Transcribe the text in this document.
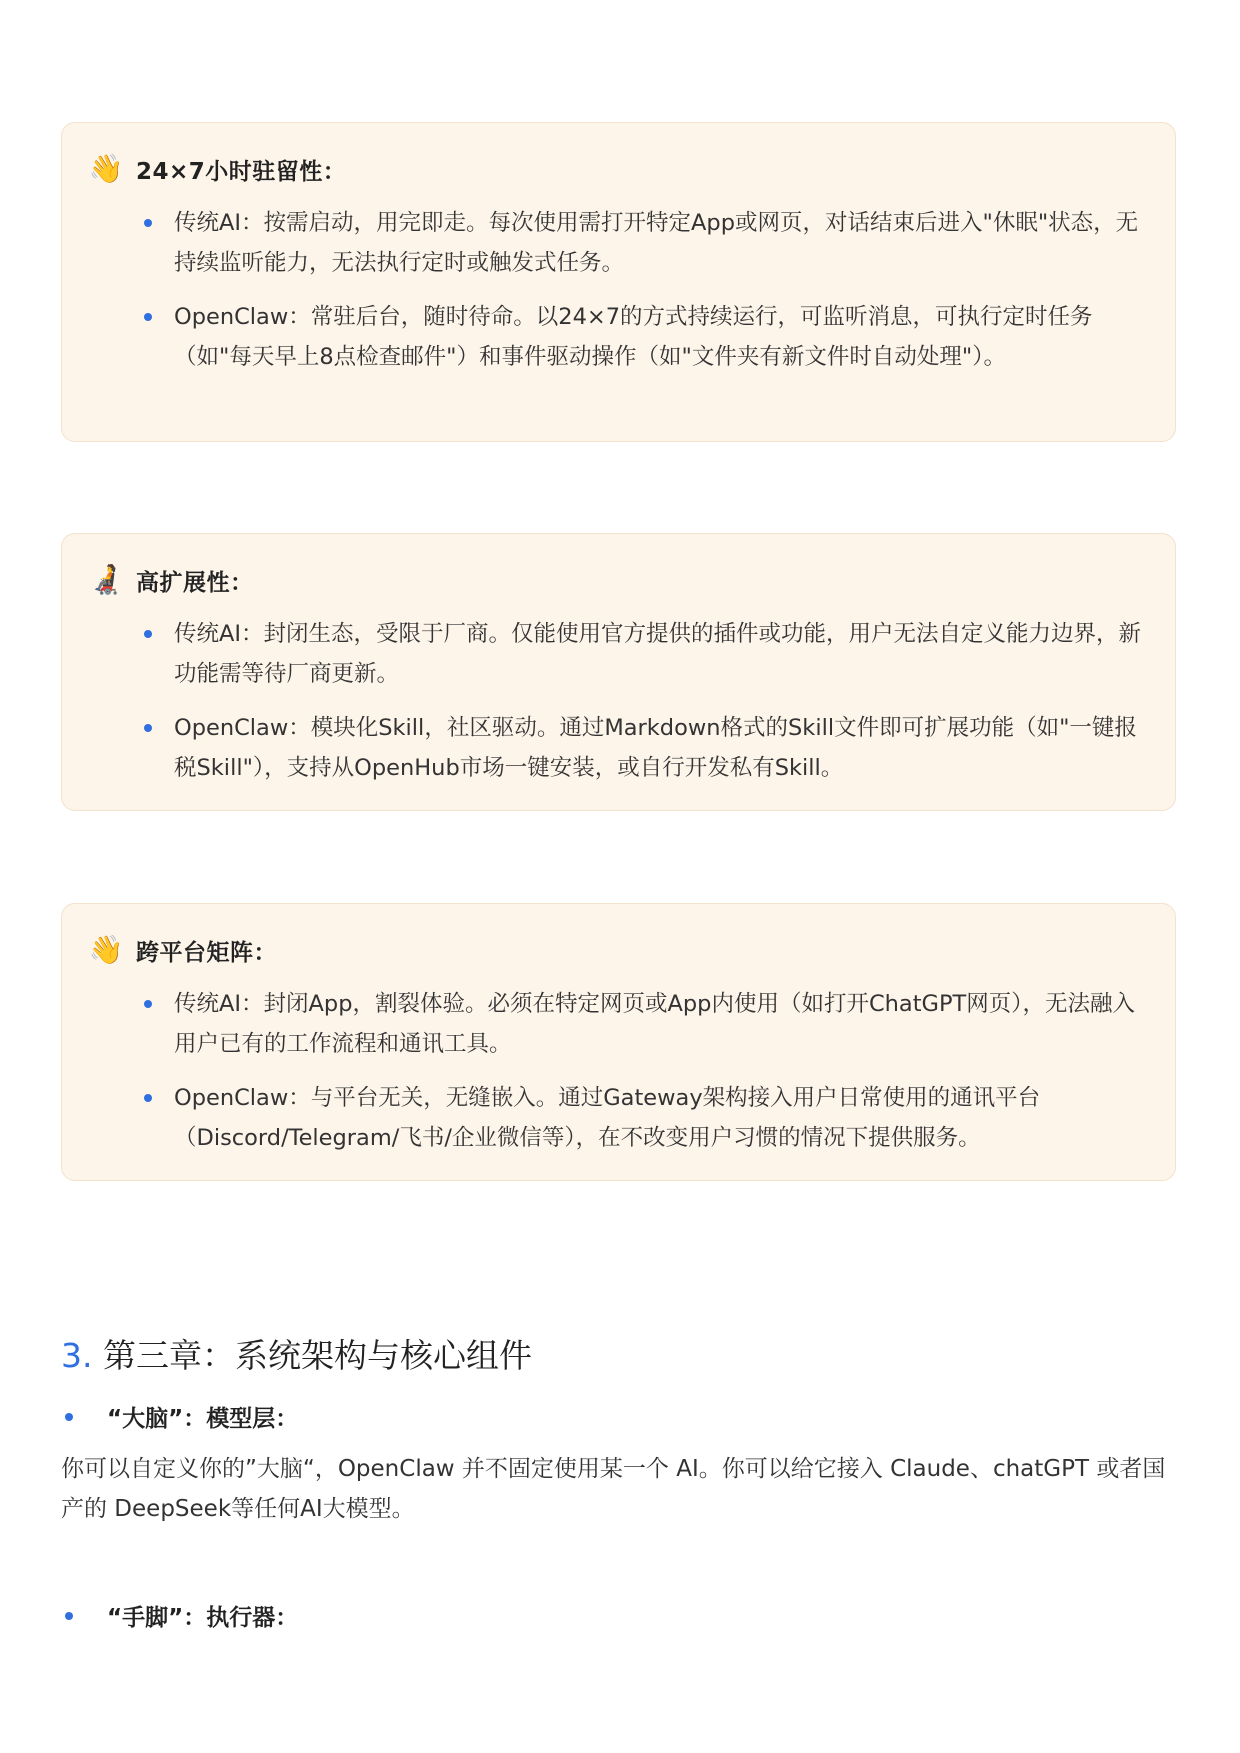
👋 24×7小时驻留性：
传统AI：按需启动，用完即走。每次使用需打开特定App或网页，对话结束后进入"休眠"状态，无持续监听能力，无法执行定时或触发式任务。
OpenClaw：常驻后台，随时待命。以24×7的方式持续运行，可监听消息，可执行定时任务（如"每天早上8点检查邮件"）和事件驱动操作（如"文件夹有新文件时自动处理"）。
🧑‍🦼 高扩展性：
传统AI：封闭生态，受限于厂商。仅能使用官方提供的插件或功能，用户无法自定义能力边界，新功能需等待厂商更新。
OpenClaw：模块化Skill，社区驱动。通过Markdown格式的Skill文件即可扩展功能（如"一键报税Skill"），支持从OpenHub市场一键安装，或自行开发私有Skill。
👋 跨平台矩阵：
传统AI：封闭App，割裂体验。必须在特定网页或App内使用（如打开ChatGPT网页），无法融入用户已有的工作流程和通讯工具。
OpenClaw：与平台无关，无缝嵌入。通过Gateway架构接入用户日常使用的通讯平台（Discord/Telegram/飞书/企业微信等），在不改变用户习惯的情况下提供服务。
3. 第三章：系统架构与核心组件
“大脑”：模型层：
你可以自定义你的”大脑“，OpenClaw 并不固定使用某一个 AI。你可以给它接入 Claude、chatGPT 或者国产的 DeepSeek等任何AI大模型。
“手脚”：执行器：
